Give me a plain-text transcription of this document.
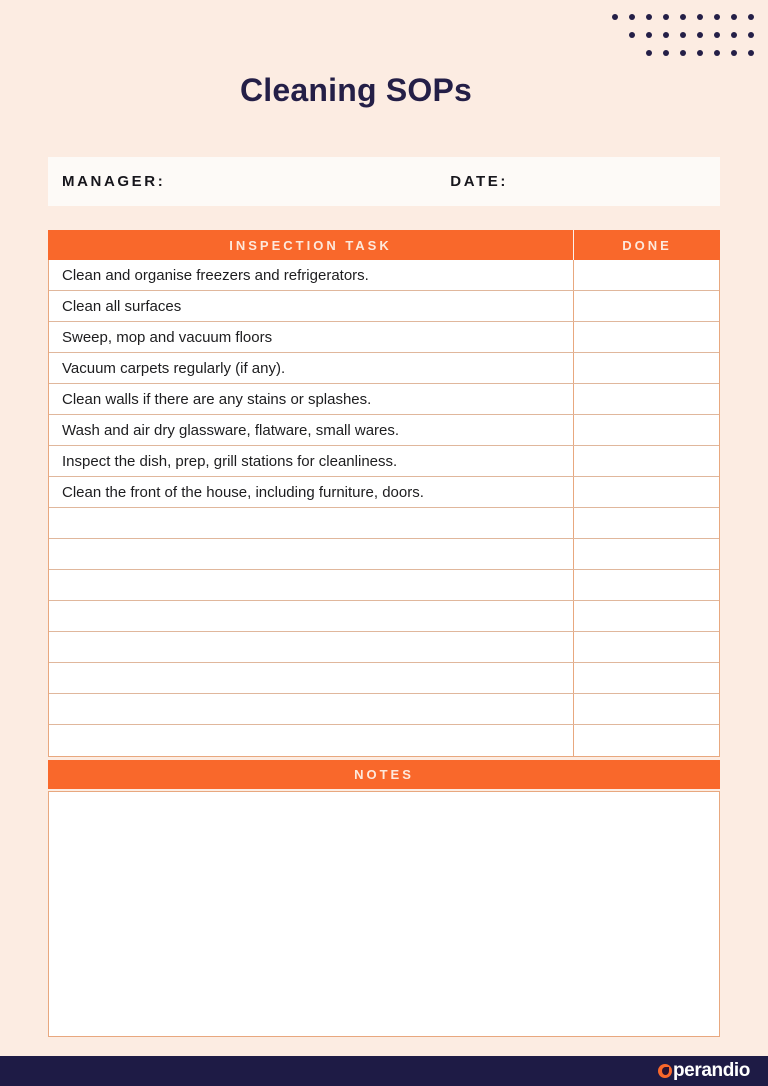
Cleaning SOPs
MANAGER:	DATE:
INSPECTION TASK	DONE
Clean and organise freezers and refrigerators.
Clean all surfaces
Sweep, mop and vacuum floors
Vacuum carpets regularly (if any).
Clean walls if there are any stains or splashes.
Wash and air dry glassware, flatware, small wares.
Inspect the dish, prep, grill stations for cleanliness.
Clean the front of the house, including furniture, doors.
NOTES
perandio
